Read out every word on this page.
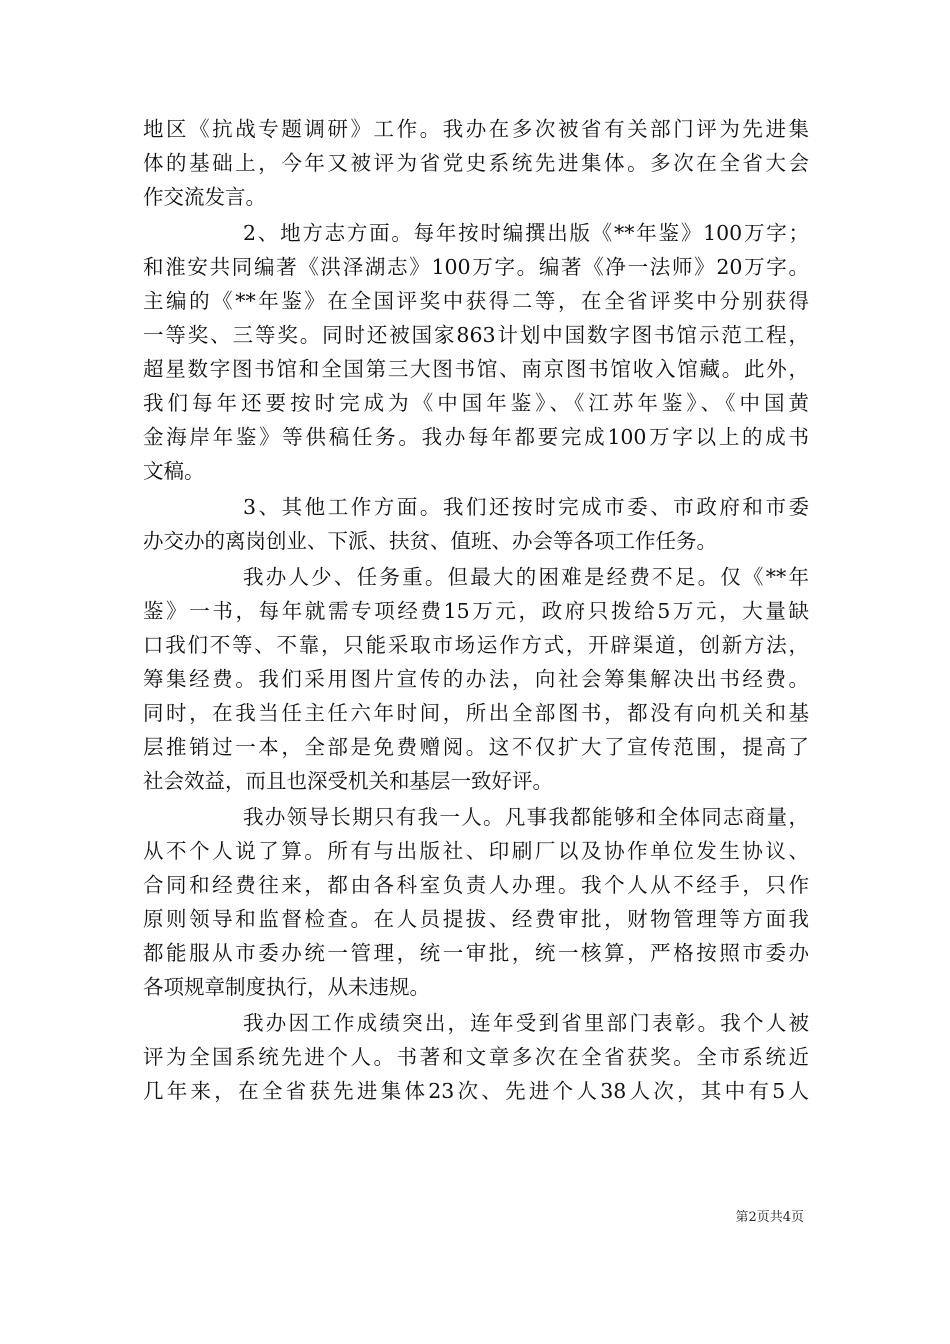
地区《抗战专题调研》工作。我办在多次被省有关部门评为先进集
体的基础上，今年又被评为省党史系统先进集体。多次在全省大会
作交流发言。
2、地方志方面。每年按时编撰出版《**年鉴》100万字；
和淮安共同编著《洪泽湖志》100万字。编著《净一法师》20万字。
主编的《**年鉴》在全国评奖中获得二等，在全省评奖中分别获得
一等奖、三等奖。同时还被国家863计划中国数字图书馆示范工程，
超星数字图书馆和全国第三大图书馆、南京图书馆收入馆藏。此外，
我们每年还要按时完成为《中国年鉴》、《江苏年鉴》、《中国黄
金海岸年鉴》等供稿任务。我办每年都要完成100万字以上的成书
文稿。
3、其他工作方面。我们还按时完成市委、市政府和市委
办交办的离岗创业、下派、扶贫、值班、办会等各项工作任务。
我办人少、任务重。但最大的困难是经费不足。仅《**年
鉴》一书，每年就需专项经费15万元，政府只拨给5万元，大量缺
口我们不等、不靠，只能采取市场运作方式，开辟渠道，创新方法，
筹集经费。我们采用图片宣传的办法，向社会筹集解决出书经费。
同时，在我当任主任六年时间，所出全部图书，都没有向机关和基
层推销过一本，全部是免费赠阅。这不仅扩大了宣传范围，提高了
社会效益，而且也深受机关和基层一致好评。
我办领导长期只有我一人。凡事我都能够和全体同志商量，
从不个人说了算。所有与出版社、印刷厂以及协作单位发生协议、
合同和经费往来，都由各科室负责人办理。我个人从不经手，只作
原则领导和监督检查。在人员提拔、经费审批，财物管理等方面我
都能服从市委办统一管理，统一审批，统一核算，严格按照市委办
各项规章制度执行，从未违规。
我办因工作成绩突出，连年受到省里部门表彰。我个人被
评为全国系统先进个人。书著和文章多次在全省获奖。全市系统近
几年来，在全省获先进集体23次、先进个人38人次，其中有5人
第2页共4页
